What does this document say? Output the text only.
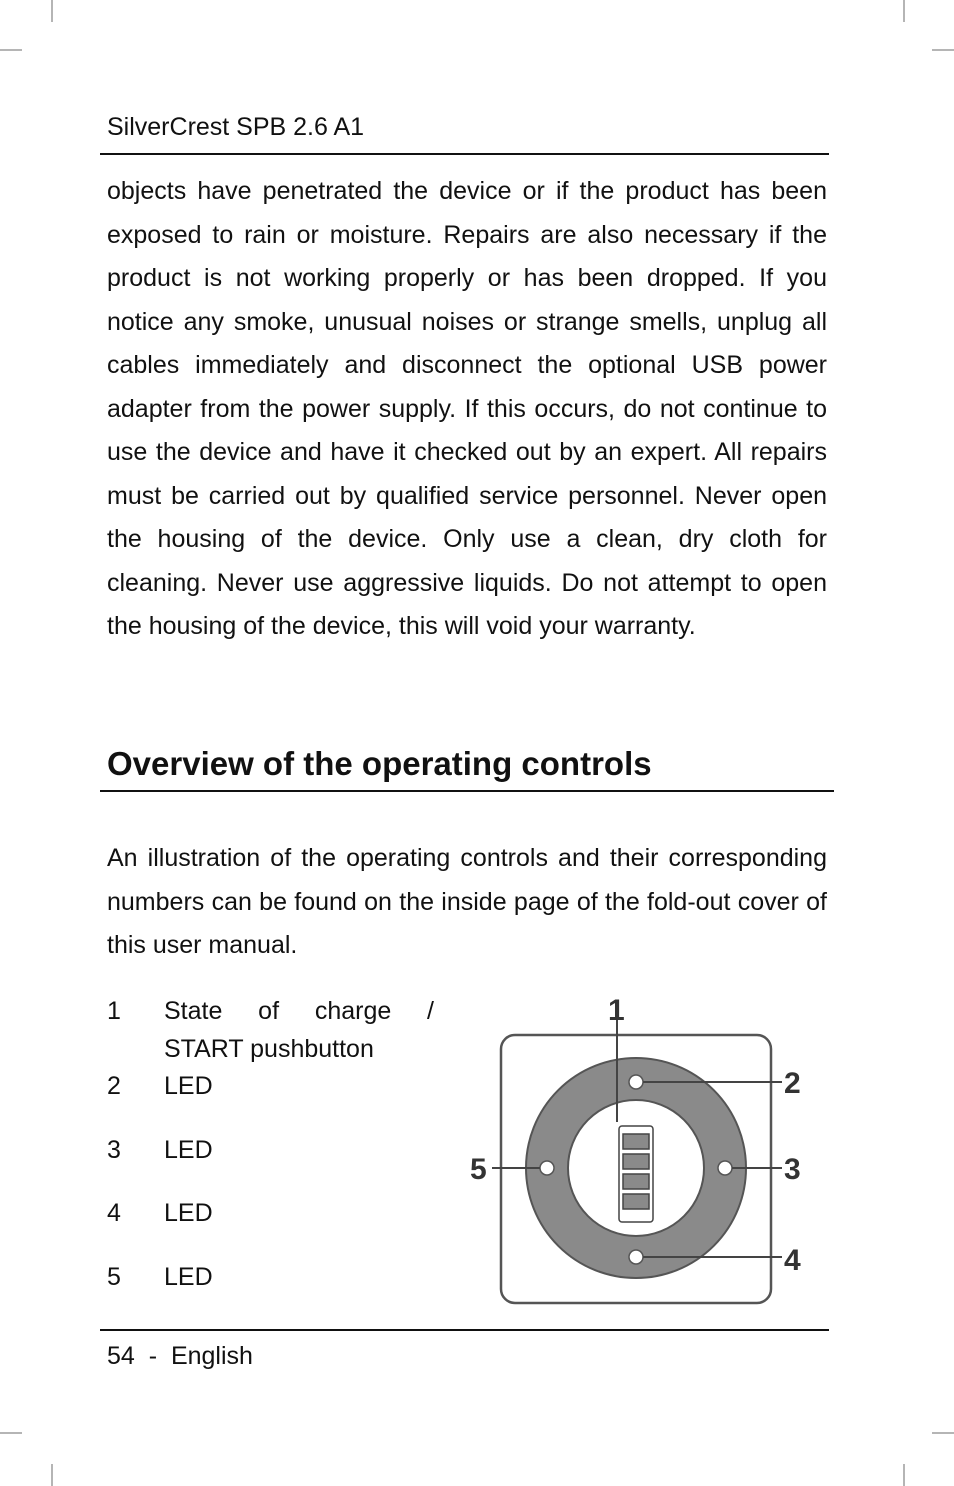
SilverCrest SPB 2.6 A1

objects have penetrated the device or if the product has been exposed to rain or moisture. Repairs are also necessary if the product is not working properly or has been dropped. If you notice any smoke, unusual noises or strange smells, unplug all cables immediately and disconnect the optional USB power adapter from the power supply. If this occurs, do not continue to use the device and have it checked out by an expert. All repairs must be carried out by qualified service personnel. Never open the housing of the device. Only use a clean, dry cloth for cleaning. Never use aggressive liquids. Do not attempt to open the housing of the device, this will void your warranty.

Overview of the operating controls

An illustration of the operating controls and their corresponding numbers can be found on the inside page of the fold-out cover of this user manual.

1 State of charge /
START pushbutton
2 LED
3 LED
4 LED
5 LED
1
2
3
4
5
54 - English
